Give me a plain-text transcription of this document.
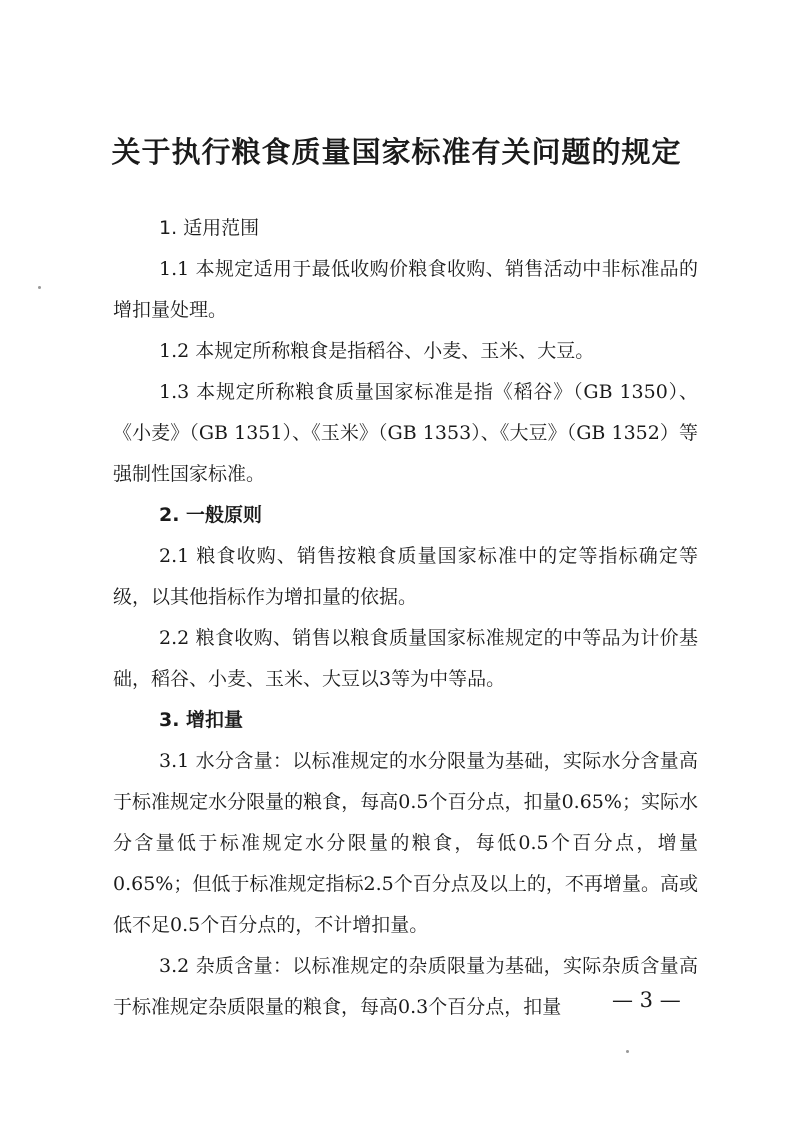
关于执行粮食质量国家标准有关问题的规定

1. 适用范围

1.1 本规定适用于最低收购价粮食收购、销售活动中非标准品的增扣量处理。

1.2 本规定所称粮食是指稻谷、小麦、玉米、大豆。

1.3 本规定所称粮食质量国家标准是指《稻谷》（GB 1350）、《小麦》（GB 1351）、《玉米》（GB 1353）、《大豆》（GB 1352）等强制性国家标准。

2. 一般原则

2.1 粮食收购、销售按粮食质量国家标准中的定等指标确定等级，以其他指标作为增扣量的依据。

2.2 粮食收购、销售以粮食质量国家标准规定的中等品为计价基础，稻谷、小麦、玉米、大豆以3等为中等品。

3. 增扣量

3.1 水分含量：以标准规定的水分限量为基础，实际水分含量高于标准规定水分限量的粮食，每高0.5个百分点，扣量0.65%；实际水分含量低于标准规定水分限量的粮食，每低0.5个百分点，增量0.65%；但低于标准规定指标2.5个百分点及以上的，不再增量。高或低不足0.5个百分点的，不计增扣量。

3.2 杂质含量：以标准规定的杂质限量为基础，实际杂质含量高于标准规定杂质限量的粮食，每高0.3个百分点，扣量	— 3 —
